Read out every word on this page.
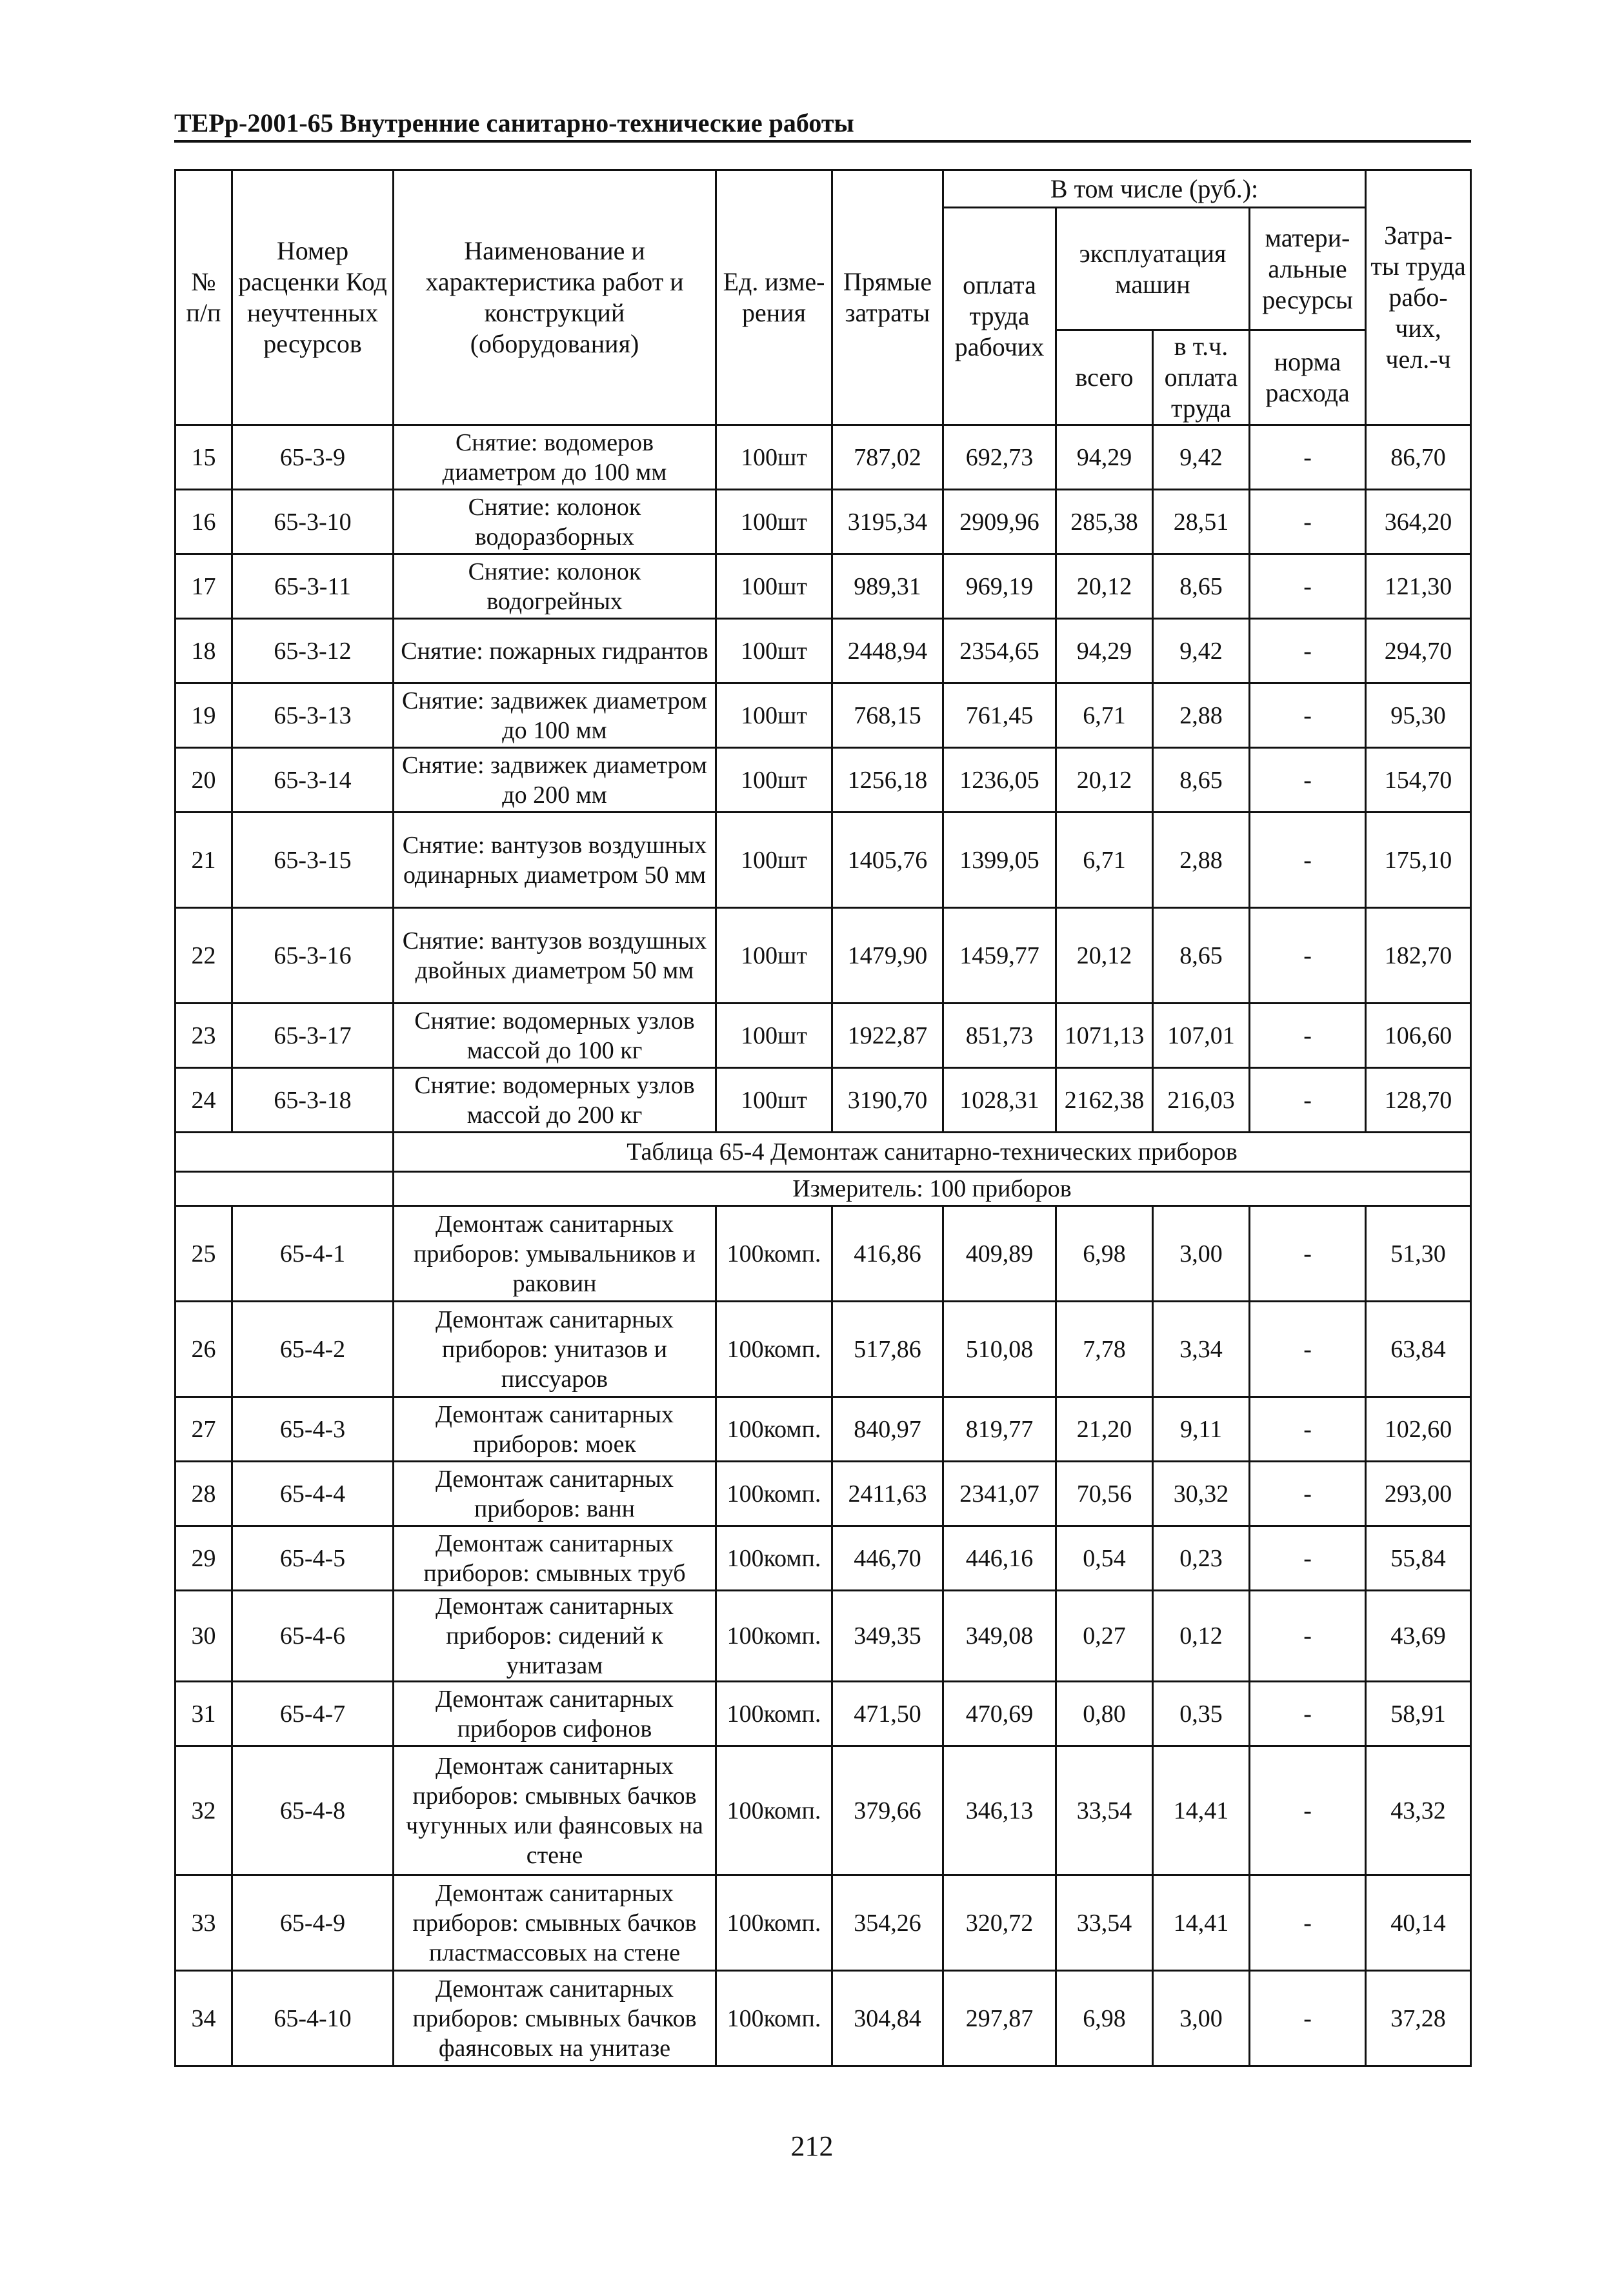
ТЕРр-2001-65 Внутренние санитарно-технические работы
№ п/п	Номер расценки Код неучтенных ресурсов	Наименование и характеристика работ и конструкций (оборудования)	Ед. изме-рения	Прямые затраты	В том числе (руб.):				Затра-ты труда рабо-чих, чел.-ч
					оплата труда рабочих	эксплуатация машин		матери-альные ресурсы	
						всего	в т.ч. оплата труда	норма расхода	

15	65-3-9	Снятие: водомеров диаметром до 100 мм	100шт	787,02	692,73	94,29	9,42	-	86,70
16	65-3-10	Снятие: колонок водоразборных	100шт	3195,34	2909,96	285,38	28,51	-	364,20
17	65-3-11	Снятие: колонок водогрейных	100шт	989,31	969,19	20,12	8,65	-	121,30
18	65-3-12	Снятие: пожарных гидрантов	100шт	2448,94	2354,65	94,29	9,42	-	294,70
19	65-3-13	Снятие: задвижек диаметром до 100 мм	100шт	768,15	761,45	6,71	2,88	-	95,30
20	65-3-14	Снятие: задвижек диаметром до 200 мм	100шт	1256,18	1236,05	20,12	8,65	-	154,70
21	65-3-15	Снятие: вантузов воздушных одинарных диаметром 50 мм	100шт	1405,76	1399,05	6,71	2,88	-	175,10
22	65-3-16	Снятие: вантузов воздушных двойных диаметром 50 мм	100шт	1479,90	1459,77	20,12	8,65	-	182,70
23	65-3-17	Снятие: водомерных узлов массой до 100 кг	100шт	1922,87	851,73	1071,13	107,01	-	106,60
24	65-3-18	Снятие: водомерных узлов массой до 200 кг	100шт	3190,70	1028,31	2162,38	216,03	-	128,70
		Таблица 65-4 Демонтаж санитарно-технических приборов							
		Измеритель: 100 приборов							
25	65-4-1	Демонтаж санитарных приборов: умывальников и раковин	100комп.	416,86	409,89	6,98	3,00	-	51,30
26	65-4-2	Демонтаж санитарных приборов: унитазов и писсуаров	100комп.	517,86	510,08	7,78	3,34	-	63,84
27	65-4-3	Демонтаж санитарных приборов: моек	100комп.	840,97	819,77	21,20	9,11	-	102,60
28	65-4-4	Демонтаж санитарных приборов: ванн	100комп.	2411,63	2341,07	70,56	30,32	-	293,00
29	65-4-5	Демонтаж санитарных приборов: смывных труб	100комп.	446,70	446,16	0,54	0,23	-	55,84
30	65-4-6	Демонтаж санитарных приборов: сидений к унитазам	100комп.	349,35	349,08	0,27	0,12	-	43,69
31	65-4-7	Демонтаж санитарных приборов сифонов	100комп.	471,50	470,69	0,80	0,35	-	58,91
32	65-4-8	Демонтаж санитарных приборов: смывных бачков чугунных или фаянсовых на стене	100комп.	379,66	346,13	33,54	14,41	-	43,32
33	65-4-9	Демонтаж санитарных приборов: смывных бачков пластмассовых на стене	100комп.	354,26	320,72	33,54	14,41	-	40,14
34	65-4-10	Демонтаж санитарных приборов: смывных бачков фаянсовых на унитазе	100комп.	304,84	297,87	6,98	3,00	-	37,28
212
